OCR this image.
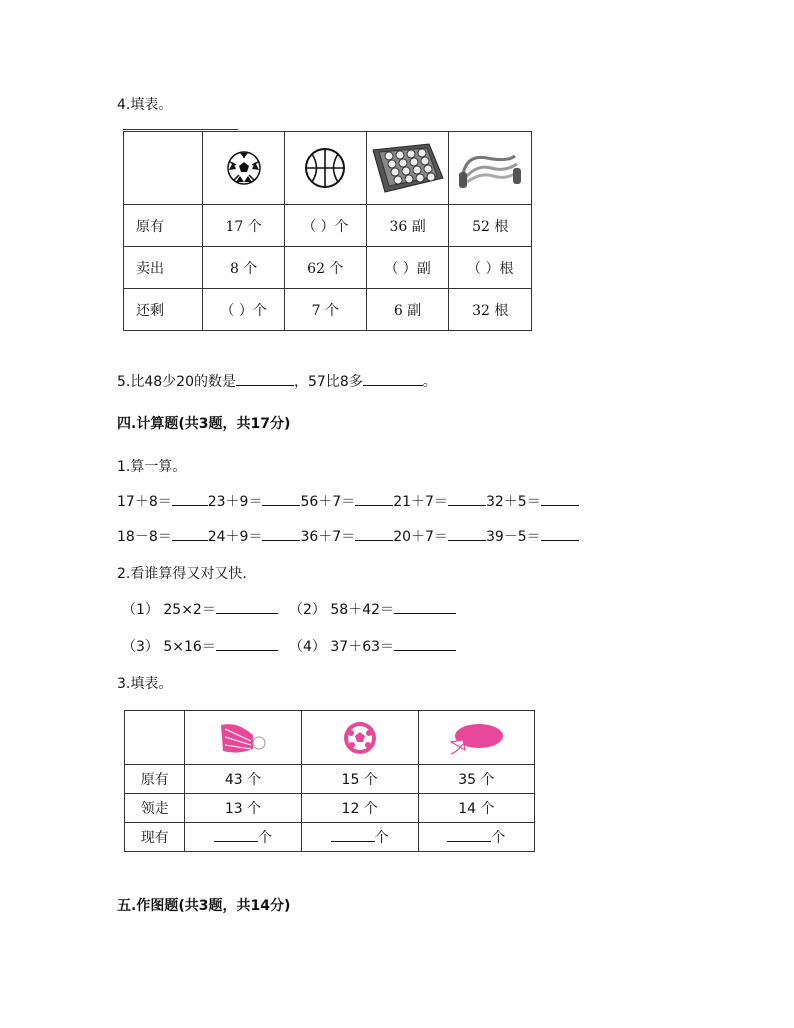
4.填表。

原有	17 个	（ ）个	36 副	52 根
卖出	8 个	62 个	（ ）副	（ ）根
还剩	（ ）个	7 个	6 副	32 根
5.比48少20的数是	，57比8多	。
四.计算题(共3题，共17分)
1.算一算。
17＋8＝	23＋9＝	56＋7＝	21＋7＝	32＋5＝
18－8＝	24＋9＝	36＋7＝	20＋7＝	39－5＝
2.看谁算得又对又快.
（1） 25×2＝	（2） 58＋42＝
（3） 5×16＝	（4） 37＋63＝
3.填表。

原有	43 个	15 个	35 个
领走	13 个	12 个	14 个
现有	个	个	个
五.作图题(共3题，共14分)
